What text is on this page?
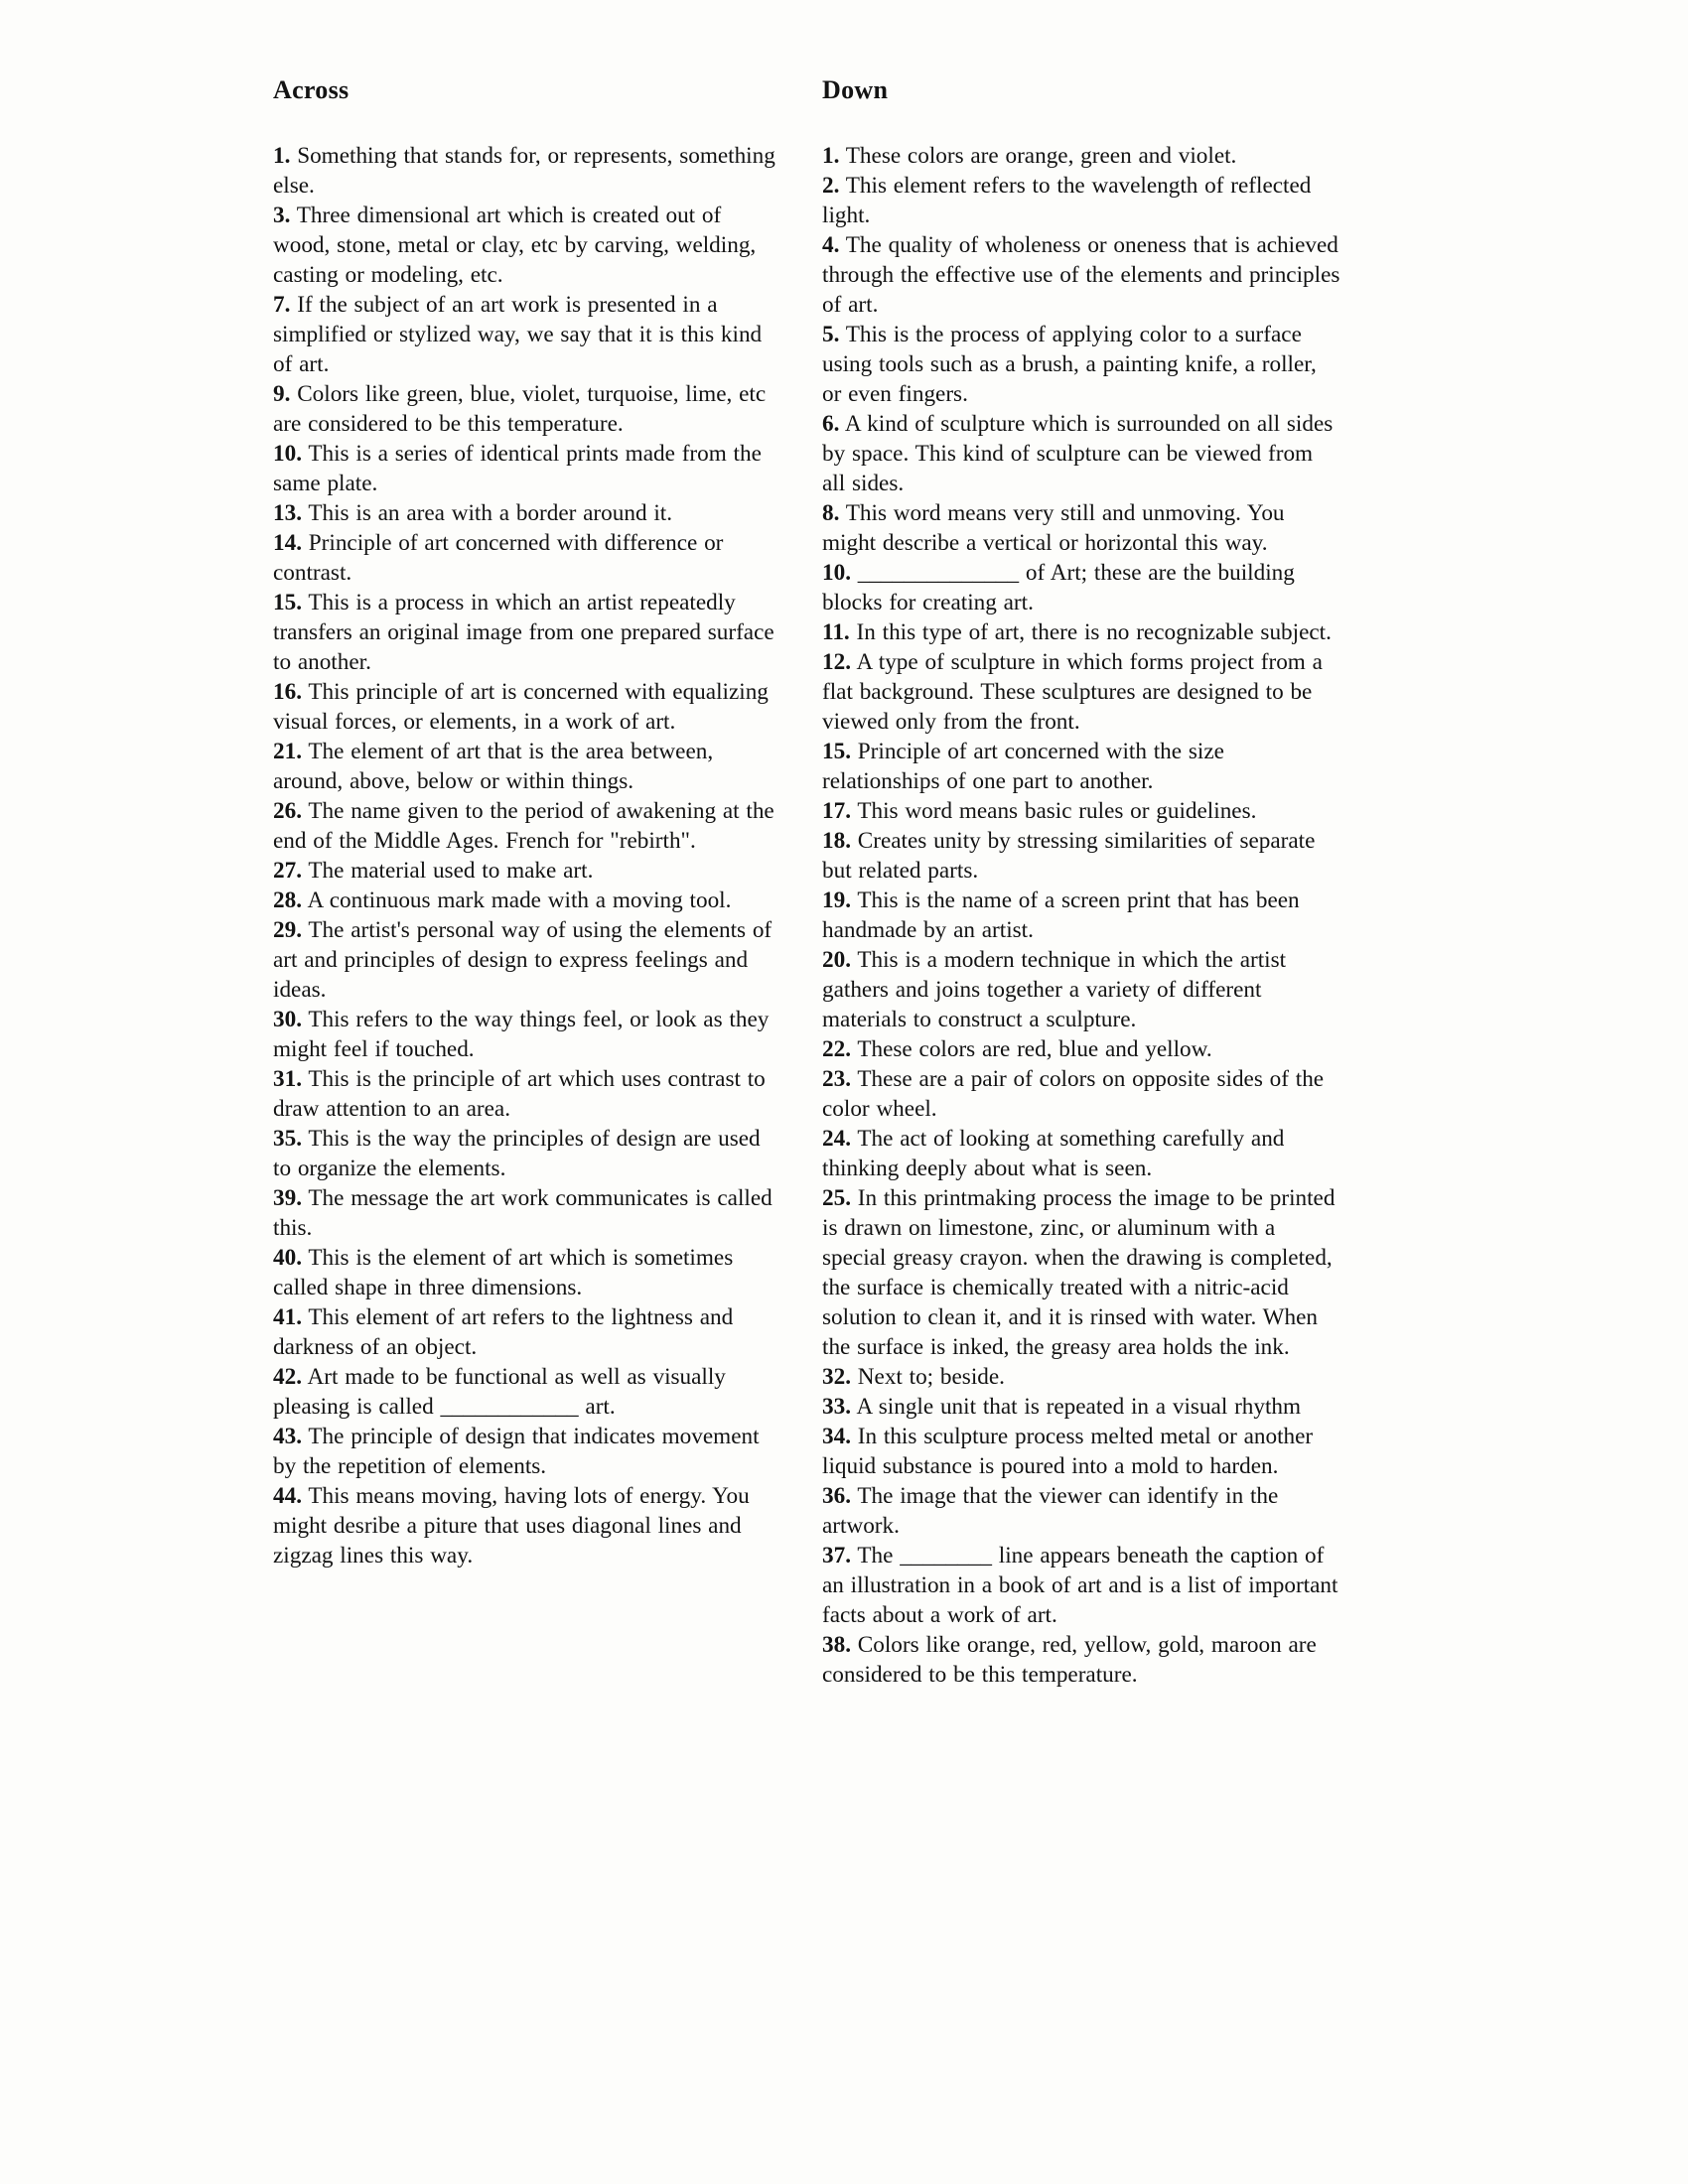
Across

1. Something that stands for, or represents, something else.

3. Three dimensional art which is created out of wood, stone, metal or clay, etc by carving, welding, casting or modeling, etc.

7. If the subject of an art work is presented in a simplified or stylized way, we say that it is this kind of art.

9. Colors like green, blue, violet, turquoise, lime, etc are considered to be this temperature.

10. This is a series of identical prints made from the same plate.

13. This is an area with a border around it.

14. Principle of art concerned with difference or contrast.

15. This is a process in which an artist repeatedly transfers an original image from one prepared surface to another.

16. This principle of art is concerned with equalizing visual forces, or elements, in a work of art.

21. The element of art that is the area between, around, above, below or within things.

26. The name given to the period of awakening at the end of the Middle Ages. French for "rebirth".

27. The material used to make art.

28. A continuous mark made with a moving tool.

29. The artist's personal way of using the elements of art and principles of design to express feelings and ideas.

30. This refers to the way things feel, or look as they might feel if touched.

31. This is the principle of art which uses contrast to draw attention to an area.

35. This is the way the principles of design are used to organize the elements.

39. The message the art work communicates is called this.

40. This is the element of art which is sometimes called shape in three dimensions.

41. This element of art refers to the lightness and darkness of an object.

42. Art made to be functional as well as visually pleasing is called ____________ art.

43. The principle of design that indicates movement by the repetition of elements.

44. This means moving, having lots of energy. You might desribe a piture that uses diagonal lines and zigzag lines this way.

Down

1. These colors are orange, green and violet.

2. This element refers to the wavelength of reflected light.

4. The quality of wholeness or oneness that is achieved through the effective use of the elements and principles of art.

5. This is the process of applying color to a surface using tools such as a brush, a painting knife, a roller, or even fingers.

6. A kind of sculpture which is surrounded on all sides by space. This kind of sculpture can be viewed from all sides.

8. This word means very still and unmoving. You might describe a vertical or horizontal this way.

10. ______________ of Art; these are the building blocks for creating art.

11. In this type of art, there is no recognizable subject.

12. A type of sculpture in which forms project from a flat background. These sculptures are designed to be viewed only from the front.

15. Principle of art concerned with the size relationships of one part to another.

17. This word means basic rules or guidelines.

18. Creates unity by stressing similarities of separate but related parts.

19. This is the name of a screen print that has been handmade by an artist.

20. This is a modern technique in which the artist gathers and joins together a variety of different materials to construct a sculpture.

22. These colors are red, blue and yellow.

23. These are a pair of colors on opposite sides of the color wheel.

24. The act of looking at something carefully and thinking deeply about what is seen.

25. In this printmaking process the image to be printed is drawn on limestone, zinc, or aluminum with a special greasy crayon. when the drawing is completed, the surface is chemically treated with a nitric-acid solution to clean it, and it is rinsed with water. When the surface is inked, the greasy area holds the ink.

32. Next to; beside.

33. A single unit that is repeated in a visual rhythm

34. In this sculpture process melted metal or another liquid substance is poured into a mold to harden.

36. The image that the viewer can identify in the artwork.

37. The ________ line appears beneath the caption of an illustration in a book of art and is a list of important facts about a work of art.

38. Colors like orange, red, yellow, gold, maroon are considered to be this temperature.
